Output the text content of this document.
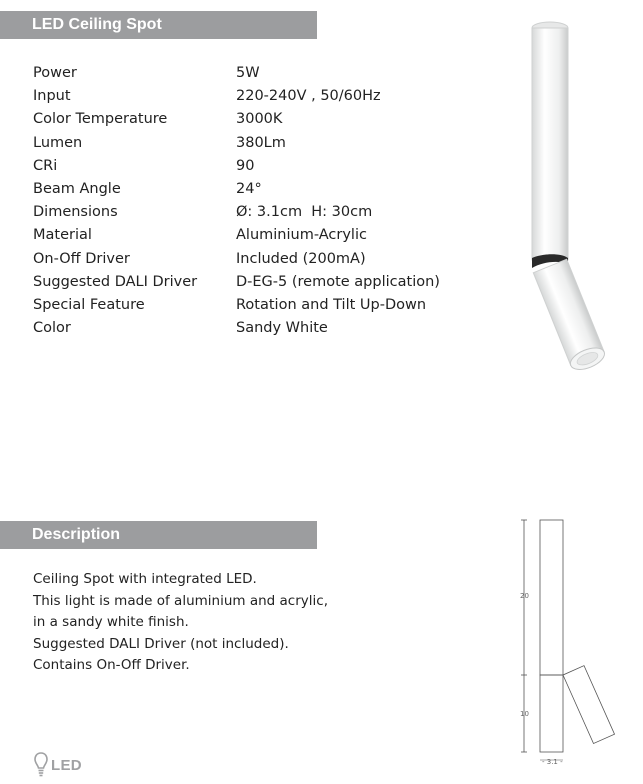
LED Ceiling Spot
Power	5W
Input	220-240V , 50/60Hz
Color Temperature	3000K
Lumen	380Lm
CRi	90
Beam Angle	24°
Dimensions	Ø: 3.1cm  H: 30cm
Material	Aluminium-Acrylic
On-Off Driver	Included (200mA)
Suggested DALI Driver	D-EG-5 (remote application)
Special Feature	Rotation and Tilt Up-Down
Color	Sandy White
Description
Ceiling Spot with integrated LED.
This light is made of aluminium and acrylic,
in a sandy white finish.
Suggested DALI Driver (not included).
Contains On-Off Driver.
20
10
- 3.1 -
LED
